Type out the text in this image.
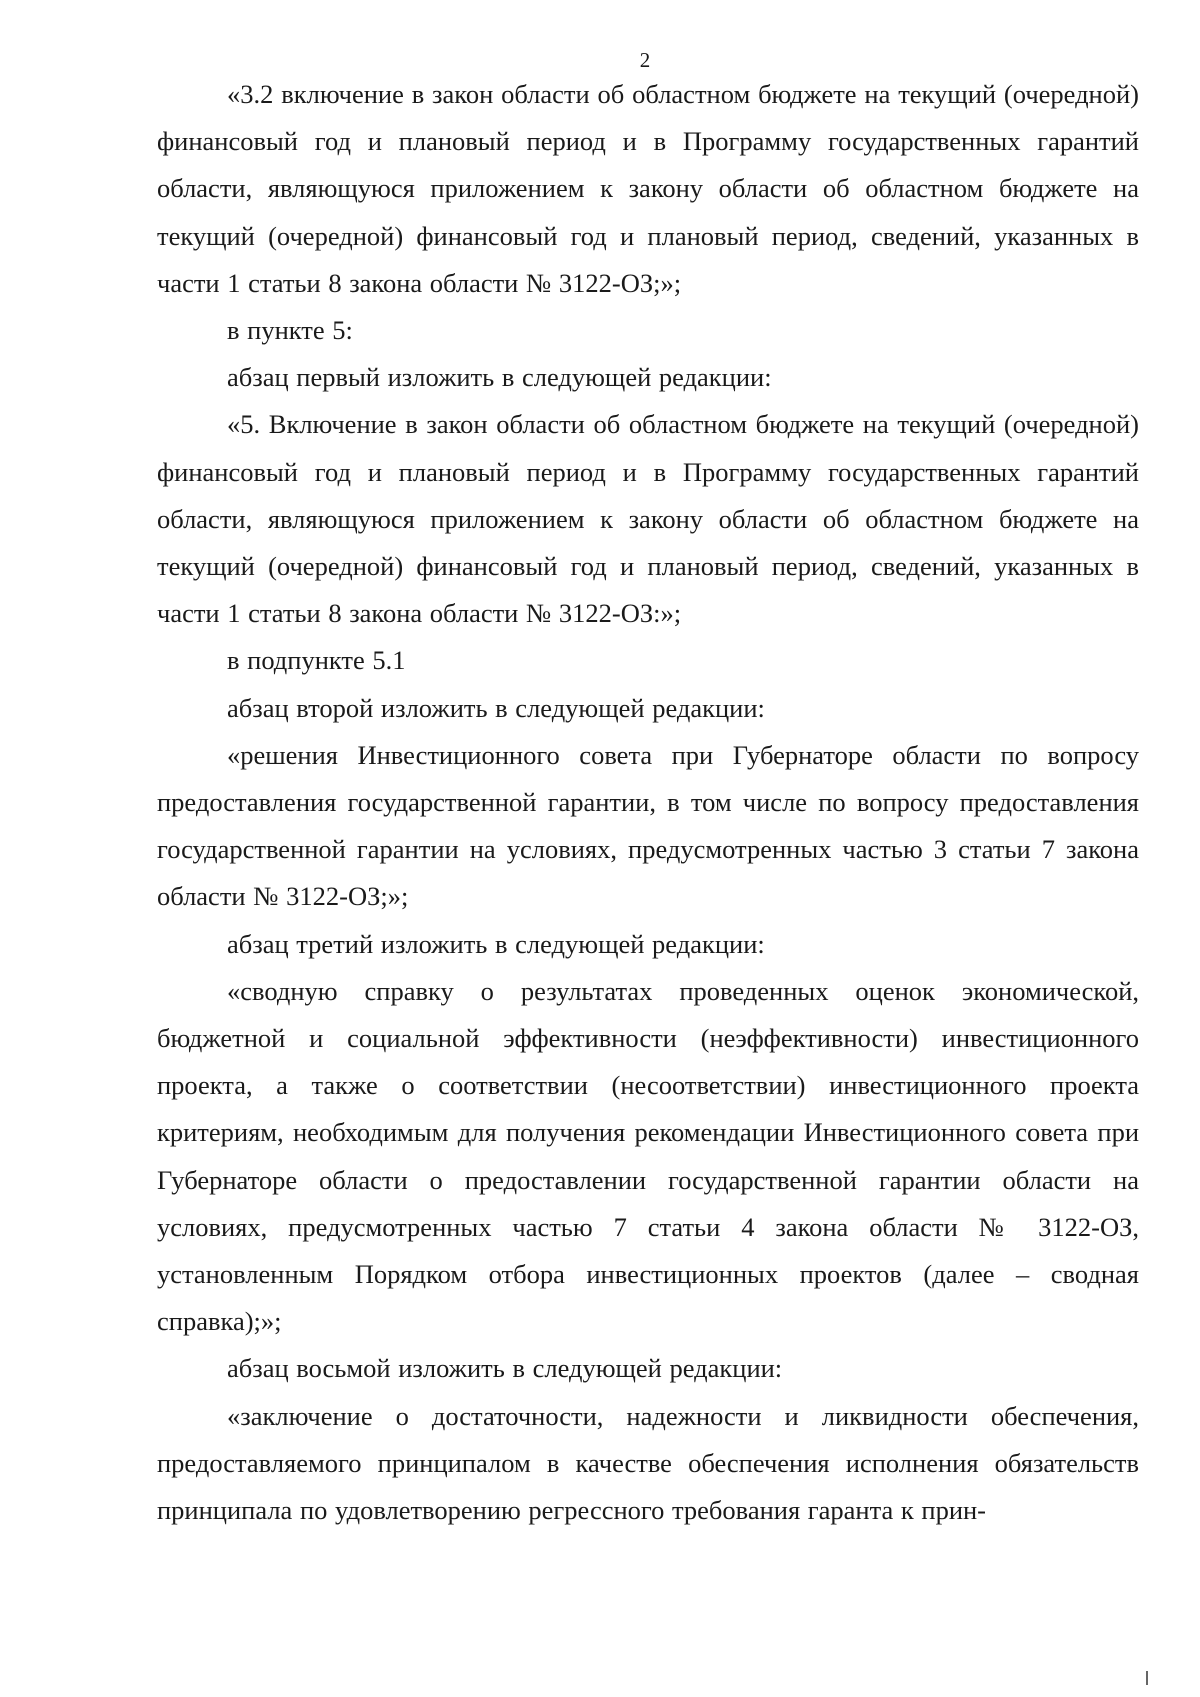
2

«3.2 включение в закон области об областном бюджете на текущий (очередной) финансовый год и плановый период и в Программу государственных гарантий области, являющуюся приложением к закону области об областном бюджете на текущий (очередной) финансовый год и плановый период, сведений, указанных в части 1 статьи 8 закона области № 3122-ОЗ;»;

в пункте 5:

абзац первый изложить в следующей редакции:

«5. Включение в закон области об областном бюджете на текущий (очередной) финансовый год и плановый период и в Программу государственных гарантий области, являющуюся приложением к закону области об областном бюджете на текущий (очередной) финансовый год и плановый период, сведений, указанных в части 1 статьи 8 закона области № 3122-ОЗ:»;

в подпункте 5.1

абзац второй изложить в следующей редакции:

«решения Инвестиционного совета при Губернаторе области по вопросу предоставления государственной гарантии, в том числе по вопросу предоставления государственной гарантии на условиях, предусмотренных частью 3 статьи 7 закона области № 3122-ОЗ;»;

абзац третий изложить в следующей редакции:

«сводную справку о результатах проведенных оценок экономической, бюджетной и социальной эффективности (неэффективности) инвестиционного проекта, а также о соответствии (несоответствии) инвестиционного проекта критериям, необходимым для получения рекомендации Инвестиционного совета при Губернаторе области о предоставлении государственной гарантии области на условиях, предусмотренных частью 7 статьи 4 закона области № 3122-ОЗ, установленным Порядком отбора инвестиционных проектов (далее – сводная справка);»;

абзац восьмой изложить в следующей редакции:

«заключение о достаточности, надежности и ликвидности обеспечения, предоставляемого принципалом в качестве обеспечения исполнения обязательств принципала по удовлетворению регрессного требования гаранта к прин-
